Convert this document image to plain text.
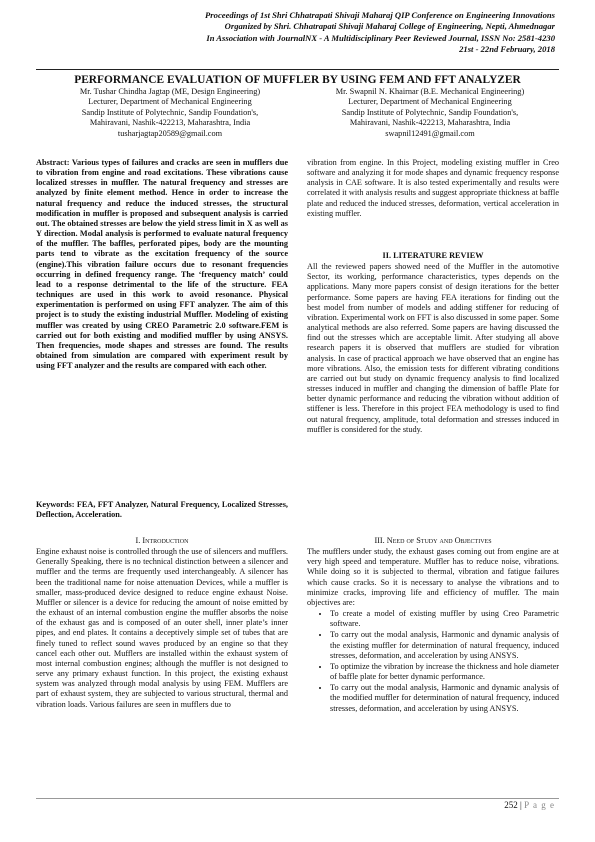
Proceedings of 1st Shri Chhatrapati Shivaji Maharaj QIP Conference on Engineering Innovations
Organized by Shri. Chhatrapati Shivaji Maharaj College of Engineering, Nepti, Ahmednagar
In Association with JournalNX - A Multidisciplinary Peer Reviewed Journal, ISSN No: 2581-4230
21st - 22nd February, 2018
PERFORMANCE EVALUATION OF MUFFLER BY USING FEM AND FFT ANALYZER
Mr. Tushar Chindha Jagtap (ME, Design Engineering)
Lecturer, Department of Mechanical Engineering
Sandip Institute of Polytechnic, Sandip Foundation's,
Mahiravani, Nashik-422213, Maharashtra, India
tusharjagtap20589@gmail.com
Mr. Swapnil N. Khairnar (B.E. Mechanical Engineering)
Lecturer, Department of Mechanical Engineering
Sandip Institute of Polytechnic, Sandip Foundation's,
Mahiravani, Nashik-422213, Maharashtra, India
swapnil12491@gmail.com

Abstract: Various types of failures and cracks are seen in mufflers due to vibration from engine and road excitations. These vibrations cause localized stresses in muffler. The natural frequency and stresses are analyzed by finite element method. Hence in order to increase the natural frequency and reduce the induced stresses, the structural modification in muffler is proposed and subsequent analysis is carried out. The obtained stresses are below the yield stress limit in X as well as Y direction. Modal analysis is performed to evaluate natural frequency of the muffler. The baffles, perforated pipes, body are the mounting parts tend to vibrate as the excitation frequency of the source (engine).This vibration failure occurs due to resonant frequencies occurring in defined frequency range. The ‘frequency match’ could lead to a response detrimental to the life of the structure. FEA techniques are used in this work to avoid resonance. Physical experimentation is performed on using FFT analyzer. The aim of this project is to study the existing industrial Muffler. Modeling of existing muffler was created by using CREO Parametric 2.0 software.FEM is carried out for both existing and modified muffler by using ANSYS. Then frequencies, mode shapes and stresses are found. The results obtained from simulation are compared with experiment result by using FFT analyzer and the results are compared with each other.

Keywords: FEA, FFT Analyzer, Natural Frequency, Localized Stresses, Deflection, Acceleration.

I. Introduction

Engine exhaust noise is controlled through the use of silencers and mufflers. Generally Speaking, there is no technical distinction between a silencer and muffler and the terms are frequently used interchangeably. A silencer has been the traditional name for noise attenuation Devices, while a muffler is smaller, mass-produced device designed to reduce engine exhaust Noise. Muffler or silencer is a device for reducing the amount of noise emitted by the exhaust of an internal combustion engine the muffler absorbs the noise of the exhaust gas and is composed of an outer shell, inner plate’s inner pipes, and end plates. It contains a deceptively simple set of tubes that are finely tuned to reflect sound waves produced by an engine so that they cancel each other out. Mufflers are installed within the exhaust system of most internal combustion engines; although the muffler is not designed to serve any primary exhaust function. In this project, the existing exhaust system was analyzed through modal analysis by using FEM. Mufflers are part of exhaust system, they are subjected to various structural, thermal and vibration loads. Various failures are seen in mufflers due to

vibration from engine. In this Project, modeling existing muffler in Creo software and analyzing it for mode shapes and dynamic frequency response analysis in CAE software. It is also tested experimentally and results were correlated it with analysis results and suggest appropriate thickness at baffle plate and reduced the induced stresses, deformation, vertical acceleration in existing muffler.

II. LITERATURE REVIEW

All the reviewed papers showed need of the Muffler in the automotive Sector, its working, performance characteristics, types depends on the applications. Many more papers consist of design iterations for the better performance. Some papers are having FEA iterations for finding out the best model from number of models and adding stiffener for reducing of vibration. Experimental work on FFT is also discussed in some paper. Some analytical methods are also referred. Some papers are having discussed the find out the stresses which are acceptable limit. After studying all above research papers it is observed that mufflers are studied for vibration analysis. In case of practical approach we have observed that an engine has more vibrations. Also, the emission tests for different vibrating conditions are carried out but study on dynamic frequency analysis to find localized stresses induced in muffler and changing the dimension of baffle Plate for better dynamic performance and reducing the vibration without addition of stiffener is less. Therefore in this project FEA methodology is used to find out natural frequency, amplitude, total deformation and stresses induced in muffler is considered for the study.

III. Need of Study and Objectives

The mufflers under study, the exhaust gases coming out from engine are at very high speed and temperature. Muffler has to reduce noise, vibrations. While doing so it is subjected to thermal, vibration and fatigue failures which cause cracks. So it is necessary to analyse the vibrations and to minimize cracks, improving life and efficiency of muffler. The main objectives are:

• To create a model of existing muffler by using Creo Parametric software.
• To carry out the modal analysis, Harmonic and dynamic analysis of the existing muffler for determination of natural frequency, induced stresses, deformation, and acceleration by using ANSYS.
• To optimize the vibration by increase the thickness and hole diameter of baffle plate for better dynamic performance.
• To carry out the modal analysis, Harmonic and dynamic analysis of the modified muffler for determination of natural frequency, induced stresses, deformation, and acceleration by using ANSYS.
252 | P a g e
